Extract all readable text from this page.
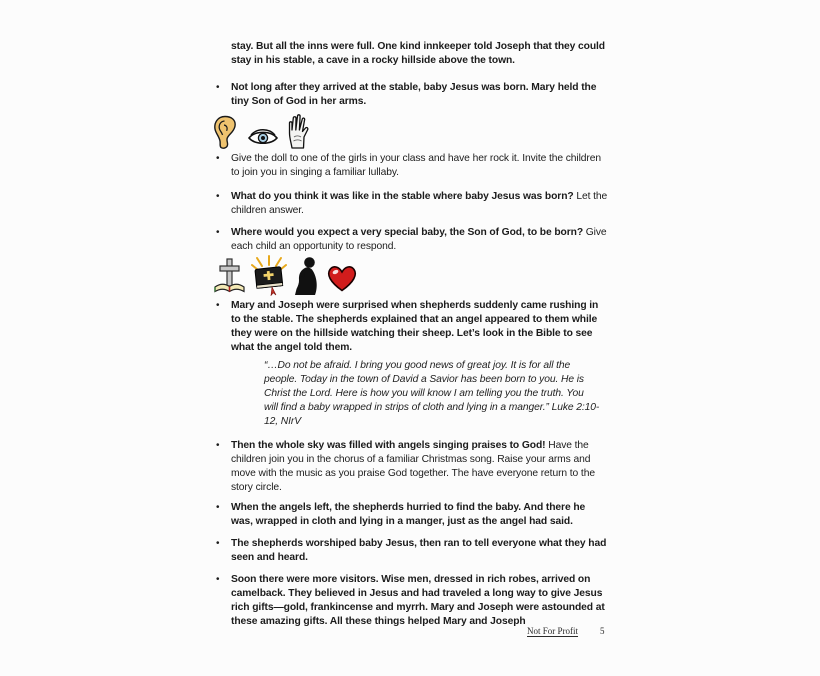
stay. But all the inns were full. One kind innkeeper told Joseph that they could stay in his stable, a cave in a rocky hillside above the town.

•	Not long after they arrived at the stable, baby Jesus was born. Mary held the tiny Son of God in her arms.
•	Give the doll to one of the girls in your class and have her rock it. Invite the children to join you in singing a familiar lullaby.
•	What do you think it was like in the stable where baby Jesus was born? Let the children answer.
•	Where would you expect a very special baby, the Son of God, to be born? Give each child an opportunity to respond.
•	Mary and Joseph were surprised when shepherds suddenly came rushing in to the stable. The shepherds explained that an angel appeared to them while they were on the hillside watching their sheep. Let’s look in the Bible to see what the angel told them.

“…Do not be afraid. I bring you good news of great joy. It is for all the people. Today in the town of David a Savior has been born to you. He is Christ the Lord. Here is how you will know I am telling you the truth. You will find a baby wrapped in strips of cloth and lying in a manger.” Luke 2:10-12, NIrV

•	Then the whole sky was filled with angels singing praises to God! Have the children join you in the chorus of a familiar Christmas song. Raise your arms and move with the music as you praise God together. The have everyone return to the story circle.
•	When the angels left, the shepherds hurried to find the baby. And there he was, wrapped in cloth and lying in a manger, just as the angel had said.
•	The shepherds worshiped baby Jesus, then ran to tell everyone what they had seen and heard.
•	Soon there were more visitors. Wise men, dressed in rich robes, arrived on camelback. They believed in Jesus and had traveled a long way to give Jesus rich gifts—gold, frankincense and myrrh. Mary and Joseph were astounded at these amazing gifts. All these things helped Mary and Joseph
Not For Profit 5
